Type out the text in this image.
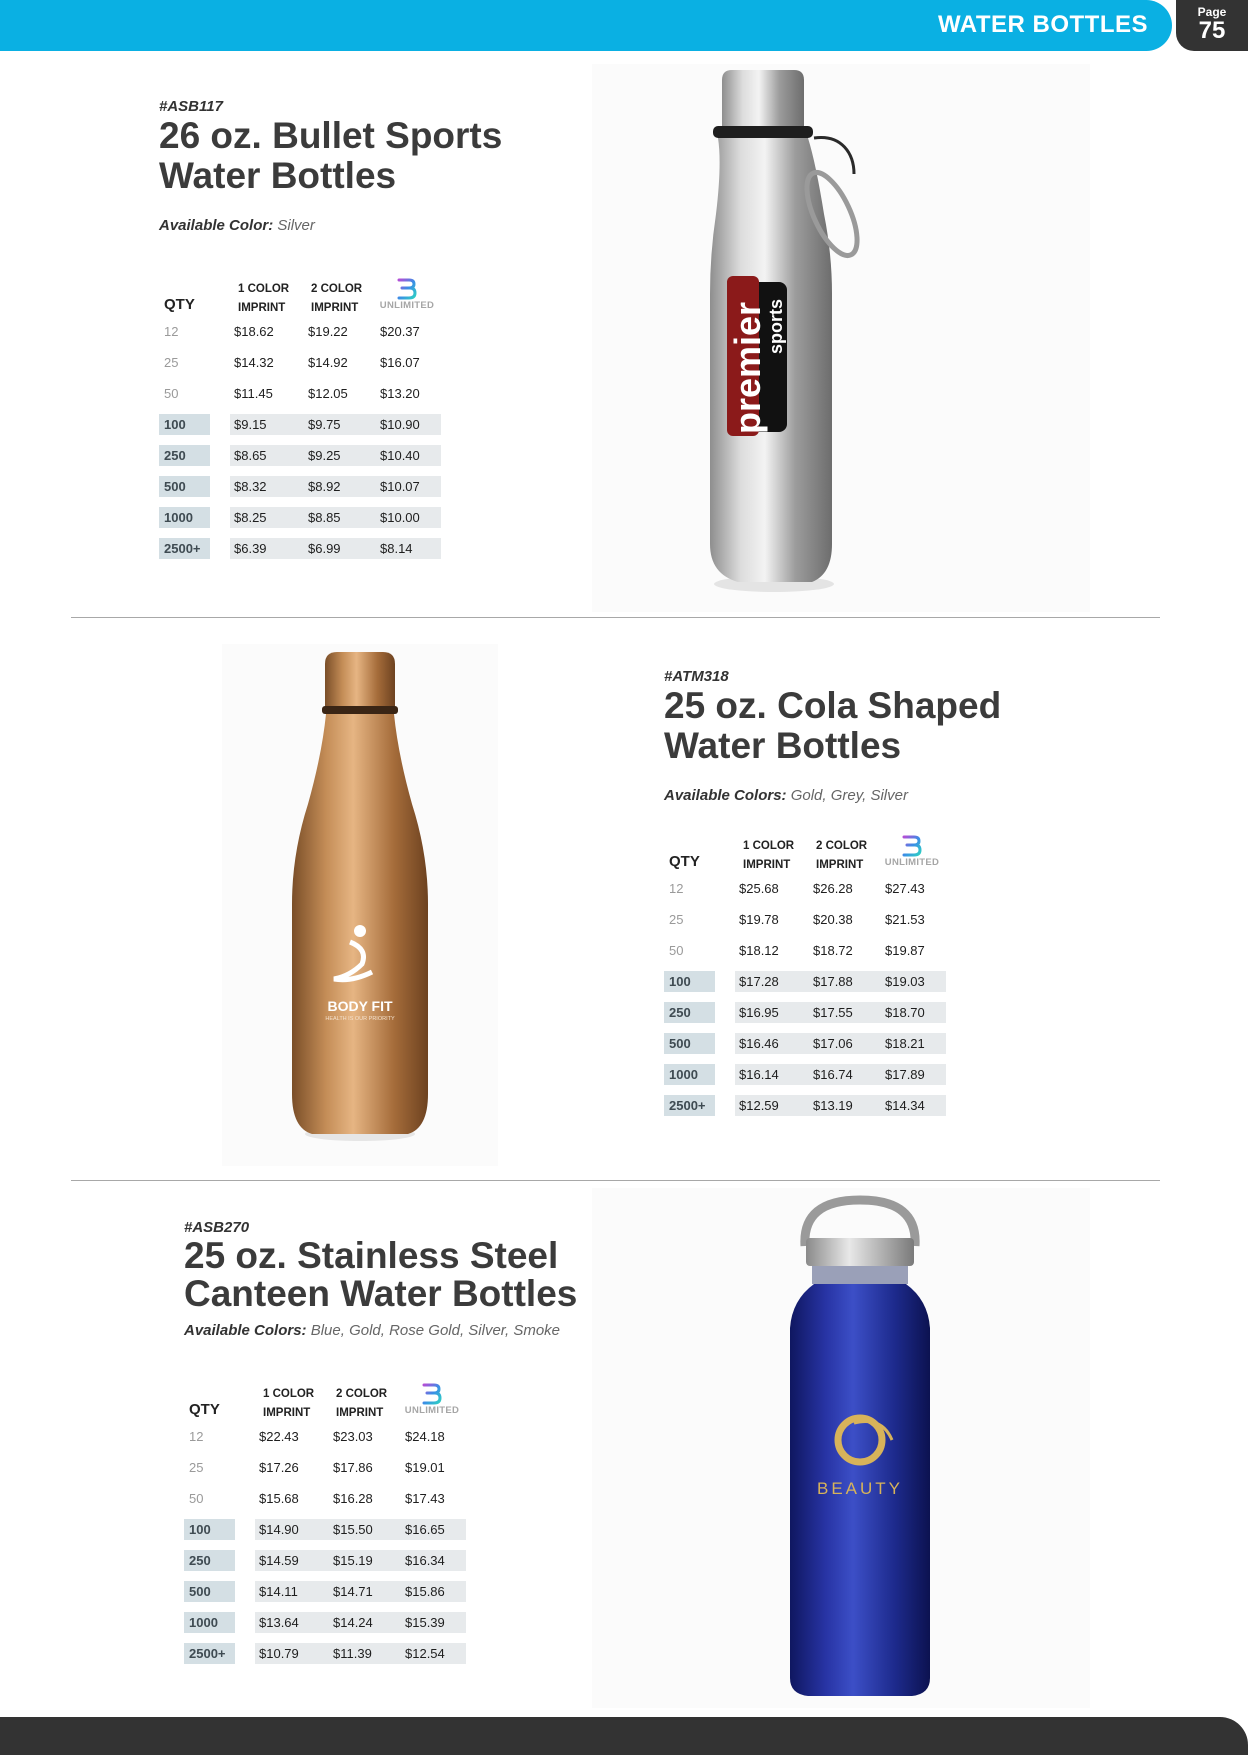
WATER BOTTLES	Page
75
#ASB117
26 oz. Bullet Sports
Water Bottles
Available Color: Silver
QTY
1 COLOR
IMPRINT
2 COLOR
IMPRINT	UNLIMITED
12	$18.62	$19.22 $20.37
25	$14.32	$14.92 $16.07
50	$11.45	$12.05 $13.20
100	$9.15	$9.75	$10.90
250	$8.65	$9.25	$10.40
500	$8.32	$8.92	$10.07
1000	$8.25	$8.85	$10.00
2500+	$6.39	$6.99	$8.14
premier
sports
BODY FIT
HEALTH IS OUR PRIORITY
#ATM318
25 oz. Cola Shaped
Water Bottles
Available Colors: Gold, Grey, Silver
QTY
1 COLOR
IMPRINT
2 COLOR
IMPRINT	UNLIMITED
12	$25.68	$26.28 $27.43
25	$19.78	$20.38 $21.53
50	$18.12	$18.72 $19.87
100	$17.28	$17.88 $19.03
250	$16.95	$17.55 $18.70
500	$16.46	$17.06 $18.21
1000	$16.14	$16.74 $17.89
2500+	$12.59	$13.19 $14.34
#ASB270
25 oz. Stainless Steel
Canteen Water Bottles
Available Colors: Blue, Gold, Rose Gold, Silver, Smoke
QTY
1 COLOR
IMPRINT
2 COLOR
IMPRINT	UNLIMITED
12	$22.43	$23.03 $24.18
25	$17.26	$17.86 $19.01
50	$15.68	$16.28 $17.43
100	$14.90	$15.50 $16.65
250	$14.59	$15.19 $16.34
500	$14.11	$14.71 $15.86
1000	$13.64	$14.24 $15.39
2500+	$10.79	$11.39	$12.54
BEAUTY
